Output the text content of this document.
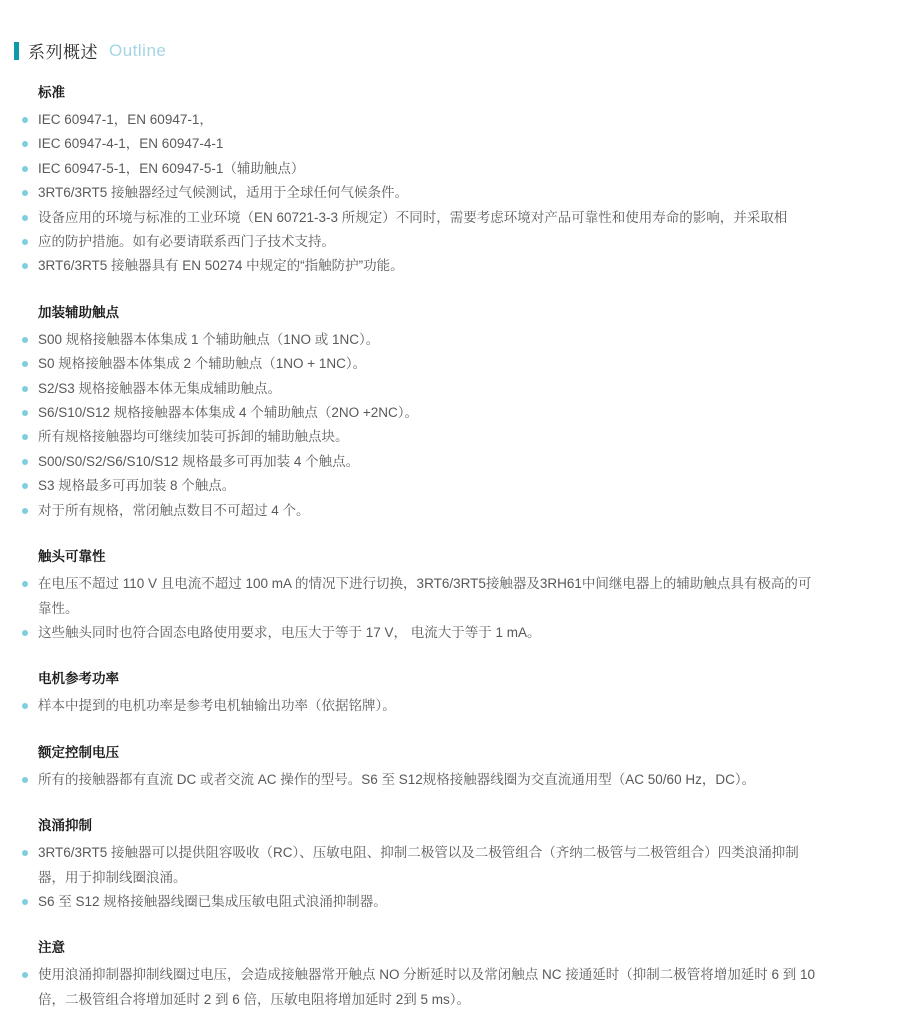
系列概述 Outline
标准
IEC 60947-1，EN 60947-1，
IEC 60947-4-1，EN 60947-4-1
IEC 60947-5-1，EN 60947-5-1（辅助触点）
3RT6/3RT5 接触器经过气候测试，适用于全球任何气候条件。
设备应用的环境与标准的工业环境（EN 60721-3-3 所规定）不同时，需要考虑环境对产品可靠性和使用寿命的影响，并采取相
应的防护措施。如有必要请联系西门子技术支持。
3RT6/3RT5 接触器具有 EN 50274 中规定的“指触防护”功能。
加装辅助触点
S00 规格接触器本体集成 1 个辅助触点（1NO 或 1NC）。
S0 规格接触器本体集成 2 个辅助触点（1NO + 1NC）。
S2/S3 规格接触器本体无集成辅助触点。
S6/S10/S12 规格接触器本体集成 4 个辅助触点（2NO +2NC）。
所有规格接触器均可继续加装可拆卸的辅助触点块。
S00/S0/S2/S6/S10/S12 规格最多可再加装 4 个触点。
S3 规格最多可再加装 8 个触点。
对于所有规格，常闭触点数目不可超过 4 个。
触头可靠性
在电压不超过 110 V 且电流不超过 100 mA 的情况下进行切换，3RT6/3RT5接触器及3RH61中间继电器上的辅助触点具有极高的可靠性。
这些触头同时也符合固态电路使用要求，电压大于等于 17 V， 电流大于等于 1 mA。
电机参考功率
样本中提到的电机功率是参考电机轴输出功率（依据铭牌）。
额定控制电压
所有的接触器都有直流 DC 或者交流 AC 操作的型号。S6 至 S12规格接触器线圈为交直流通用型（AC 50/60 Hz，DC）。
浪涌抑制
3RT6/3RT5 接触器可以提供阻容吸收（RC）、压敏电阻、抑制二极管以及二极管组合（齐纳二极管与二极管组合）四类浪涌抑制器，用于抑制线圈浪涌。
S6 至 S12 规格接触器线圈已集成压敏电阻式浪涌抑制器。
注意
使用浪涌抑制器抑制线圈过电压，会造成接触器常开触点 NO 分断延时以及常闭触点 NC 接通延时（抑制二极管将增加延时 6 到 10 倍，二极管组合将增加延时 2 到 6 倍，压敏电阻将增加延时 2到 5 ms）。
